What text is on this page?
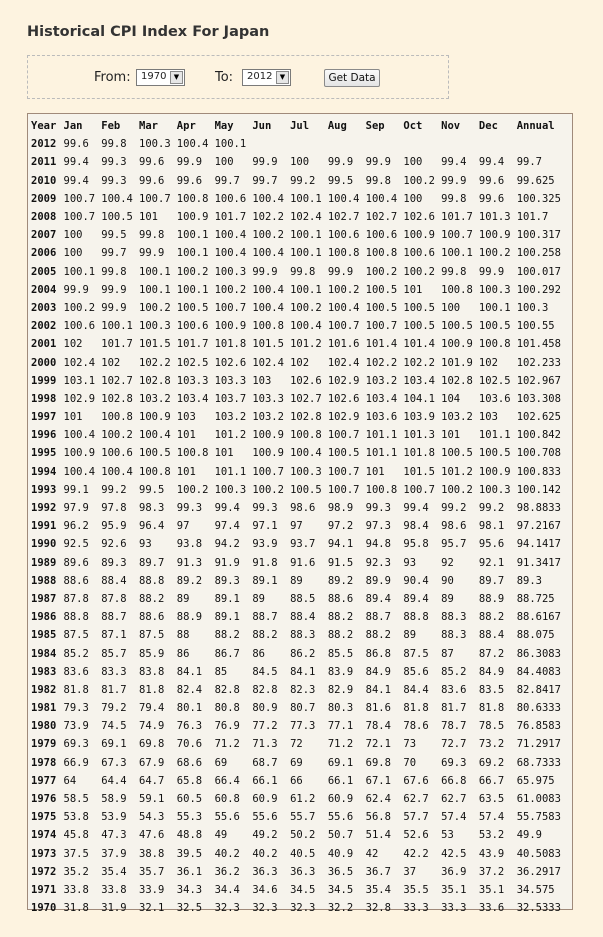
Historical CPI Index For Japan
From: 1970	▼	To: 2012	▼	Get Data
Year	Jan	Feb	Mar	Apr	May	Jun	Jul	Aug	Sep	Oct	Nov	Dec	Annual
2012	99.6	99.8	100.3	100.4	100.1								
2011	99.4	99.3	99.6	99.9	100	99.9	100	99.9	99.9	100	99.4	99.4	99.7
2010	99.4	99.3	99.6	99.6	99.7	99.7	99.2	99.5	99.8	100.2	99.9	99.6	99.625
2009	100.7	100.4	100.7	100.8	100.6	100.4	100.1	100.4	100.4	100	99.8	99.6	100.325
2008	100.7	100.5	101	100.9	101.7	102.2	102.4	102.7	102.7	102.6	101.7	101.3	101.7
2007	100	99.5	99.8	100.1	100.4	100.2	100.1	100.6	100.6	100.9	100.7	100.9	100.317
2006	100	99.7	99.9	100.1	100.4	100.4	100.1	100.8	100.8	100.6	100.1	100.2	100.258
2005	100.1	99.8	100.1	100.2	100.3	99.9	99.8	99.9	100.2	100.2	99.8	99.9	100.017
2004	99.9	99.9	100.1	100.1	100.2	100.4	100.1	100.2	100.5	101	100.8	100.3	100.292
2003	100.2	99.9	100.2	100.5	100.7	100.4	100.2	100.4	100.5	100.5	100	100.1	100.3
2002	100.6	100.1	100.3	100.6	100.9	100.8	100.4	100.7	100.7	100.5	100.5	100.5	100.55
2001	102	101.7	101.5	101.7	101.8	101.5	101.2	101.6	101.4	101.4	100.9	100.8	101.458
2000	102.4	102	102.2	102.5	102.6	102.4	102	102.4	102.2	102.2	101.9	102	102.233
1999	103.1	102.7	102.8	103.3	103.3	103	102.6	102.9	103.2	103.4	102.8	102.5	102.967
1998	102.9	102.8	103.2	103.4	103.7	103.3	102.7	102.6	103.4	104.1	104	103.6	103.308
1997	101	100.8	100.9	103	103.2	103.2	102.8	102.9	103.6	103.9	103.2	103	102.625
1996	100.4	100.2	100.4	101	101.2	100.9	100.8	100.7	101.1	101.3	101	101.1	100.842
1995	100.9	100.6	100.5	100.8	101	100.9	100.4	100.5	101.1	101.8	100.5	100.5	100.708
1994	100.4	100.4	100.8	101	101.1	100.7	100.3	100.7	101	101.5	101.2	100.9	100.833
1993	99.1	99.2	99.5	100.2	100.3	100.2	100.5	100.7	100.8	100.7	100.2	100.3	100.142
1992	97.9	97.8	98.3	99.3	99.4	99.3	98.6	98.9	99.3	99.4	99.2	99.2	98.8833
1991	96.2	95.9	96.4	97	97.4	97.1	97	97.2	97.3	98.4	98.6	98.1	97.2167
1990	92.5	92.6	93	93.8	94.2	93.9	93.7	94.1	94.8	95.8	95.7	95.6	94.1417
1989	89.6	89.3	89.7	91.3	91.9	91.8	91.6	91.5	92.3	93	92	92.1	91.3417
1988	88.6	88.4	88.8	89.2	89.3	89.1	89	89.2	89.9	90.4	90	89.7	89.3
1987	87.8	87.8	88.2	89	89.1	89	88.5	88.6	89.4	89.4	89	88.9	88.725
1986	88.8	88.7	88.6	88.9	89.1	88.7	88.4	88.2	88.7	88.8	88.3	88.2	88.6167
1985	87.5	87.1	87.5	88	88.2	88.2	88.3	88.2	88.2	89	88.3	88.4	88.075
1984	85.2	85.7	85.9	86	86.7	86	86.2	85.5	86.8	87.5	87	87.2	86.3083
1983	83.6	83.3	83.8	84.1	85	84.5	84.1	83.9	84.9	85.6	85.2	84.9	84.4083
1982	81.8	81.7	81.8	82.4	82.8	82.8	82.3	82.9	84.1	84.4	83.6	83.5	82.8417
1981	79.3	79.2	79.4	80.1	80.8	80.9	80.7	80.3	81.6	81.8	81.7	81.8	80.6333
1980	73.9	74.5	74.9	76.3	76.9	77.2	77.3	77.1	78.4	78.6	78.7	78.5	76.8583
1979	69.3	69.1	69.8	70.6	71.2	71.3	72	71.2	72.1	73	72.7	73.2	71.2917
1978	66.9	67.3	67.9	68.6	69	68.7	69	69.1	69.8	70	69.3	69.2	68.7333
1977	64	64.4	64.7	65.8	66.4	66.1	66	66.1	67.1	67.6	66.8	66.7	65.975
1976	58.5	58.9	59.1	60.5	60.8	60.9	61.2	60.9	62.4	62.7	62.7	63.5	61.0083
1975	53.8	53.9	54.3	55.3	55.6	55.6	55.7	55.6	56.8	57.7	57.4	57.4	55.7583
1974	45.8	47.3	47.6	48.8	49	49.2	50.2	50.7	51.4	52.6	53	53.2	49.9
1973	37.5	37.9	38.8	39.5	40.2	40.2	40.5	40.9	42	42.2	42.5	43.9	40.5083
1972	35.2	35.4	35.7	36.1	36.2	36.3	36.3	36.5	36.7	37	36.9	37.2	36.2917
1971	33.8	33.8	33.9	34.3	34.4	34.6	34.5	34.5	35.4	35.5	35.1	35.1	34.575
1970	31.8	31.9	32.1	32.5	32.3	32.3	32.3	32.2	32.8	33.3	33.3	33.6	32.5333
